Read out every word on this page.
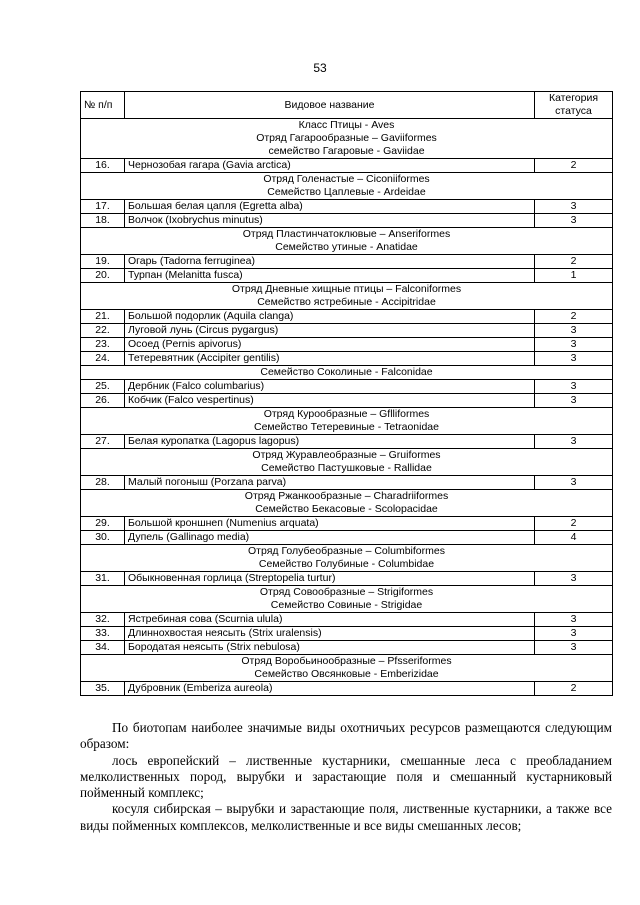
53
№ п/п	Видовое название	Категория статуса

Класс Птицы - Aves
Отряд Гагарообразные – Gaviiformes
семейство Гагаровые - Gaviidae		

16.	Чернозобая гагара (Gavia arctica)	2

Отряд Голенастые – Ciconiiformes
Семейство Цаплевые - Ardeidae		

17.	Большая белая цапля (Egretta alba)	3
18.	Волчок (Ixobrychus minutus)	3

Отряд Пластинчатоклювые – Anseriformes
Семейство утиные - Anatidae		

19.	Огарь (Tadorna ferruginea)	2
20.	Турпан (Melanitta fusca)	1

Отряд Дневные хищные птицы – Falconiformes
Семейство ястребиные - Accipitridae		

21.	Большой подорлик (Aquila clanga)	2
22.	Луговой лунь (Circus pygargus)	3
23.	Осоед (Pernis apivorus)	3
24.	Тетеревятник (Accipiter gentilis)	3

Семейство Соколиные - Falconidae		

25.	Дербник (Falco columbarius)	3
26.	Кобчик (Falco vespertinus)	3

Отряд Курообразные – Gflliformes
Семейство Тетеревиные - Tetraonidae		

27.	Белая куропатка (Lagopus lagopus)	3

Отряд Журавлеобразные – Gruiformes
Семейство Пастушковые - Rallidae		

28.	Малый погоныш (Porzana parva)	3

Отряд Ржанкообразные – Charadriiformes
Семейство Бекасовые - Scolopacidae		

29.	Большой кроншнеп (Numenius arquata)	2
30.	Дупель (Gallinago media)	4

Отряд Голубеобразные – Columbiformes
Семейство Голубиные - Columbidae		

31.	Обыкновенная горлица (Streptopelia turtur)	3

Отряд Совообразные – Strigiformes
Семейство Совиные - Strigidae		

32.	Ястребиная сова (Scurnia ulula)	3
33.	Длиннохвостая неясыть (Strix uralensis)	3
34.	Бородатая неясыть (Strix nebulosa)	3

Отряд Воробьинообразные – Pfsseriformes
Семейство Овсянковые - Emberizidae		

35.	Дубровник (Emberiza aureola)	2

По биотопам наиболее значимые виды охотничьих ресурсов размещаются следующим образом:

лось европейский – лиственные кустарники, смешанные леса с преобладанием мелколиственных пород, вырубки и зарастающие поля и смешанный кустарниковый пойменный комплекс;

косуля сибирская – вырубки и зарастающие поля, лиственные кустарники, а также все виды пойменных комплексов, мелколиственные и все виды смешанных лесов;
